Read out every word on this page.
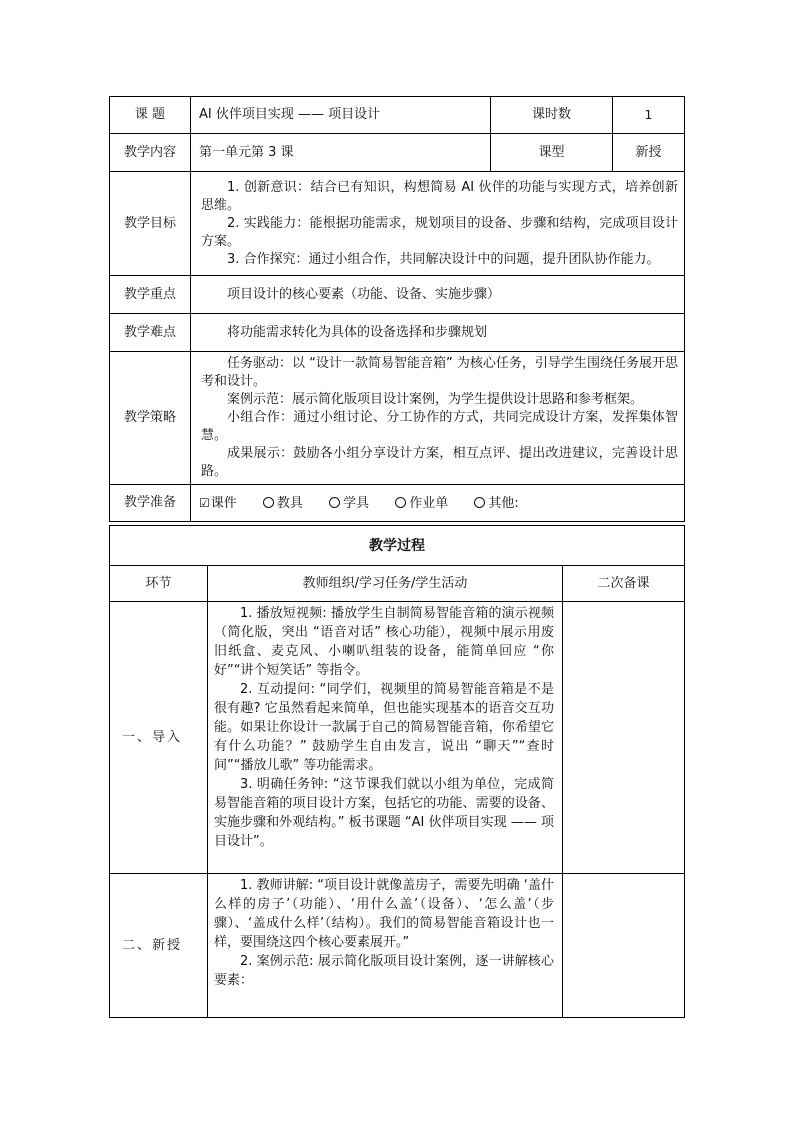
课 题	AI 伙伴项目实现 —— 项目设计	课时数	1
教学内容	第一单元第 3 课	课型	新授
教学目标	1. 创新意识：结合已有知识，构想简易 AI 伙伴的功能与实现方式，培养创新思维。

2. 实践能力：能根据功能需求，规划项目的设备、步骤和结构，完成项目设计方案。

3. 合作探究：通过小组合作，共同解决设计中的问题，提升团队协作能力。		

教学重点	项目设计的核心要素（功能、设备、实施步骤）		

教学难点	将功能需求转化为具体的设备选择和步骤规划		

教学策略	任务驱动：以 “设计一款简易智能音箱” 为核心任务，引导学生围绕任务展开思考和设计。

案例示范：展示简化版项目设计案例，为学生提供设计思路和参考框架。

小组合作：通过小组讨论、分工协作的方式，共同完成设计方案，发挥集体智慧。

成果展示：鼓励各小组分享设计方案，相互点评、提出改进建议，完善设计思路。		

教学准备	☑课件 教具 学具 作业单 其他:		
教学过程		
环节	教师组织/学习任务/学生活动	二次备课
一、导入	1. 播放短视频: 播放学生自制简易智能音箱的演示视频（简化版，突出 “语音对话” 核心功能），视频中展示用废旧纸盒、麦克风、小喇叭组装的设备，能简单回应 “你好”“讲个短笑话” 等指令。

2. 互动提问: “同学们，视频里的简易智能音箱是不是很有趣? 它虽然看起来简单，但也能实现基本的语音交互功能。如果让你设计一款属于自己的简易智能音箱，你希望它有什么功能？” 鼓励学生自由发言，说出 “聊天”“查时间”“播放儿歌” 等功能需求。

3. 明确任务钟: “这节课我们就以小组为单位，完成简易智能音箱的项目设计方案，包括它的功能、需要的设备、实施步骤和外观结构。” 板书课题 “AI 伙伴项目实现 —— 项目设计”。	

二、新授	1. 教师讲解: “项目设计就像盖房子，需要先明确 ‘盖什么样的房子’（功能）、‘用什么盖’（设备）、‘怎么盖’（步骤）、‘盖成什么样’（结构）。我们的简易智能音箱设计也一样，要围绕这四个核心要素展开。”

2. 案例示范: 展示简化版项目设计案例，逐一讲解核心要素：	
